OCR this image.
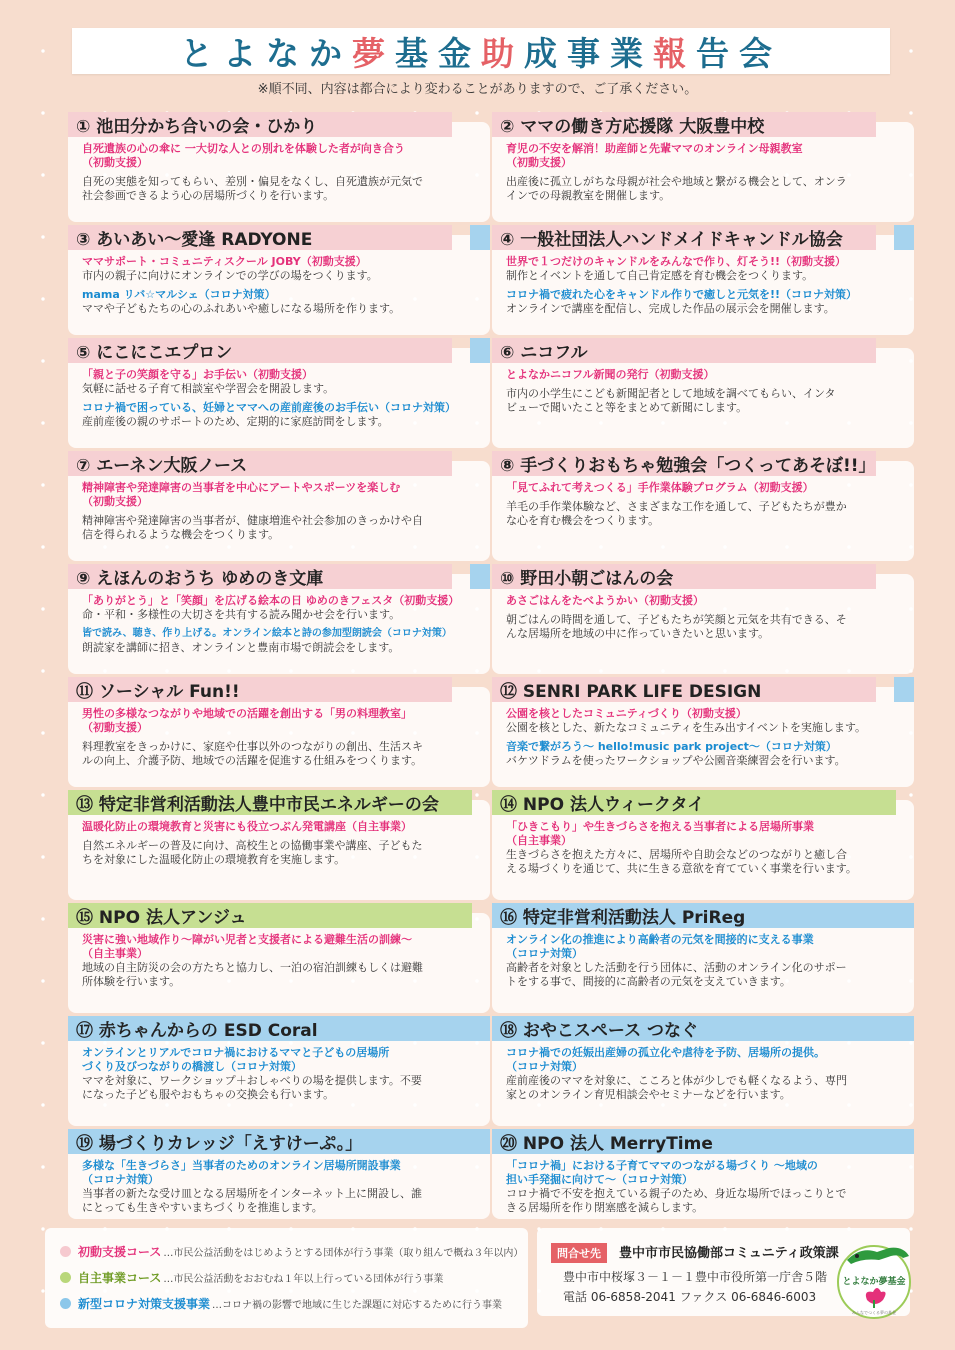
とよなか 夢 基金 助 成事業 報 告会
※順不同、内容は都合により変わることがありますので、ご了承ください。
① 池田分かち合いの会・ひかり
自死遺族の心の傘に 一大切な人との別れを体験した者が向き合う
（初動支援）
自死の実態を知ってもらい、差別・偏見をなくし、自死遺族が元気で
社会参画できるよう心の居場所づくりを行います。
② ママの働き方応援隊 大阪豊中校
育児の不安を解消！助産師と先輩ママのオンライン母親教室
（初動支援）
出産後に孤立しがちな母親が社会や地域と繋がる機会として、オンラ
インでの母親教室を開催します。
③ あいあい～愛逢 RADYONE
ママサポート・コミュニティスクール JOBY（初動支援）
市内の親子に向けにオンラインでの学びの場をつくります。
mama リバ☆マルシェ（コロナ対策）
ママや子どもたちの心のふれあいや癒しになる場所を作ります。
④ 一般社団法人ハンドメイドキャンドル協会
世界で１つだけのキャンドルをみんなで作り、灯そう!!（初動支援）
制作とイベントを通して自己肯定感を育む機会をつくります。
コロナ禍で疲れた心をキャンドル作りで癒しと元気を!!（コロナ対策）
オンラインで講座を配信し、完成した作品の展示会を開催します。
⑤ にこにこエプロン
「親と子の笑顔を守る」お手伝い（初動支援）
気軽に話せる子育て相談室や学習会を開設します。
コロナ禍で困っている、妊婦とママへの産前産後のお手伝い（コロナ対策）
産前産後の親のサポートのため、定期的に家庭訪問をします。
⑥ ニコフル
とよなかニコフル新聞の発行（初動支援）
市内の小学生にこども新聞記者として地域を調べてもらい、インタ
ビューで聞いたこと等をまとめて新聞にします。
⑦ エーネン大阪ノース
精神障害や発達障害の当事者を中心にアートやスポーツを楽しむ
（初動支援）
精神障害や発達障害の当事者が、健康増進や社会参加のきっかけや自
信を得られるような機会をつくります。
⑧ 手づくりおもちゃ勉強会「つくってあそぼ!!」
「見てふれて考えつくる」手作業体験プログラム（初動支援）
羊毛の手作業体験など、さまざまな工作を通して、子どもたちが豊か
な心を育む機会をつくります。
⑨ えほんのおうち ゆめのき文庫
「ありがとう」と「笑顔」を広げる絵本の日 ゆめのきフェスタ（初動支援）
命・平和・多様性の大切さを共有する読み聞かせ会を行います。
皆で読み、聴き、作り上げる。オンライン絵本と詩の参加型朗読会（コロナ対策）
朗読家を講師に招き、オンラインと豊南市場で朗読会をします。
⑩ 野田小朝ごはんの会
あさごはんをたべようかい（初動支援）
朝ごはんの時間を通して、子どもたちが笑顔と元気を共有できる、そ
んな居場所を地域の中に作っていきたいと思います。
⑪ ソーシャル Fun!!
男性の多様なつながりや地域での活躍を創出する「男の料理教室」
（初動支援）
料理教室をきっかけに、家庭や仕事以外のつながりの創出、生活スキ
ルの向上、介護予防、地域での活躍を促進する仕組みをつくります。
⑫ SENRI PARK LIFE DESIGN
公園を核としたコミュニティづくり（初動支援）
公園を核とした、新たなコミュニティを生み出すイベントを実施します。
音楽で繋がろう～ hello!music park project～（コロナ対策）
バケツドラムを使ったワークショップや公園音楽練習会を行います。
⑬ 特定非営利活動法人豊中市民エネルギーの会
温暖化防止の環境教育と災害にも役立つぶん発電講座（自主事業）
自然エネルギーの普及に向け、高校生との協働事業や講座、子どもた
ちを対象にした温暖化防止の環境教育を実施します。
⑭ NPO 法人ウィークタイ
「ひきこもり」や生きづらさを抱える当事者による居場所事業
（自主事業）
生きづらさを抱えた方々に、居場所や自助会などのつながりと癒し合
える場づくりを通じて、共に生きる意欲を育てていく事業を行います。
⑮ NPO 法人アンジュ
災害に強い地域作り～障がい児者と支援者による避難生活の訓練～
（自主事業）
地域の自主防災の会の方たちと協力し、一泊の宿泊訓練もしくは避難
所体験を行います。
⑯ 特定非営利活動法人 PriReg
オンライン化の推進により高齢者の元気を間接的に支える事業
（コロナ対策）
高齢者を対象とした活動を行う団体に、活動のオンライン化のサポー
トをする事で、間接的に高齢者の元気を支えていきます。
⑰ 赤ちゃんからの ESD Coral
オンラインとリアルでコロナ禍におけるママと子どもの居場所
づくり及びつながりの橋渡し（コロナ対策）
ママを対象に、ワークショップ＋おしゃべりの場を提供します。不要
になった子ども服やおもちゃの交換会も行います。
⑱ おやこスペース つなぐ
コロナ禍での妊娠出産婦の孤立化や虐待を予防、居場所の提供。
（コロナ対策）
産前産後のママを対象に、こころと体が少しでも軽くなるよう、専門
家とのオンライン育児相談会やセミナーなどを行います。
⑲ 場づくりカレッジ「えすけーぷ。」
多様な「生きづらさ」当事者のためのオンライン居場所開設事業
（コロナ対策）
当事者の新たな受け皿となる居場所をインターネット上に開設し、誰
にとっても生きやすいまちづくりを推進します。
⑳ NPO 法人 MerryTime
「コロナ禍」における子育てママのつながる場づくり ～地域の
担い手発掘に向けて～（コロナ対策）
コロナ禍で不安を抱えている親子のため、身近な場所でほっこりとで
きる居場所を作り閉塞感を減らします。
初動支援コース …市民公益活動をはじめようとする団体が行う事業（取り組んで概ね３年以内）
自主事業コース …市民公益活動をおおむね１年以上行っている団体が行う事業
新型コロナ対策支援事業 …コロナ禍の影響で地域に生じた課題に対応するために行う事業
問合せ先	豊中市市民協働部コミュニティ政策課
豊中市中桜塚３－１－１豊中市役所第一庁舎５階
電話 06-6858-2041 ファクス 06-6846-6003
とよなか夢基金
みんなでつくる夢の基金
